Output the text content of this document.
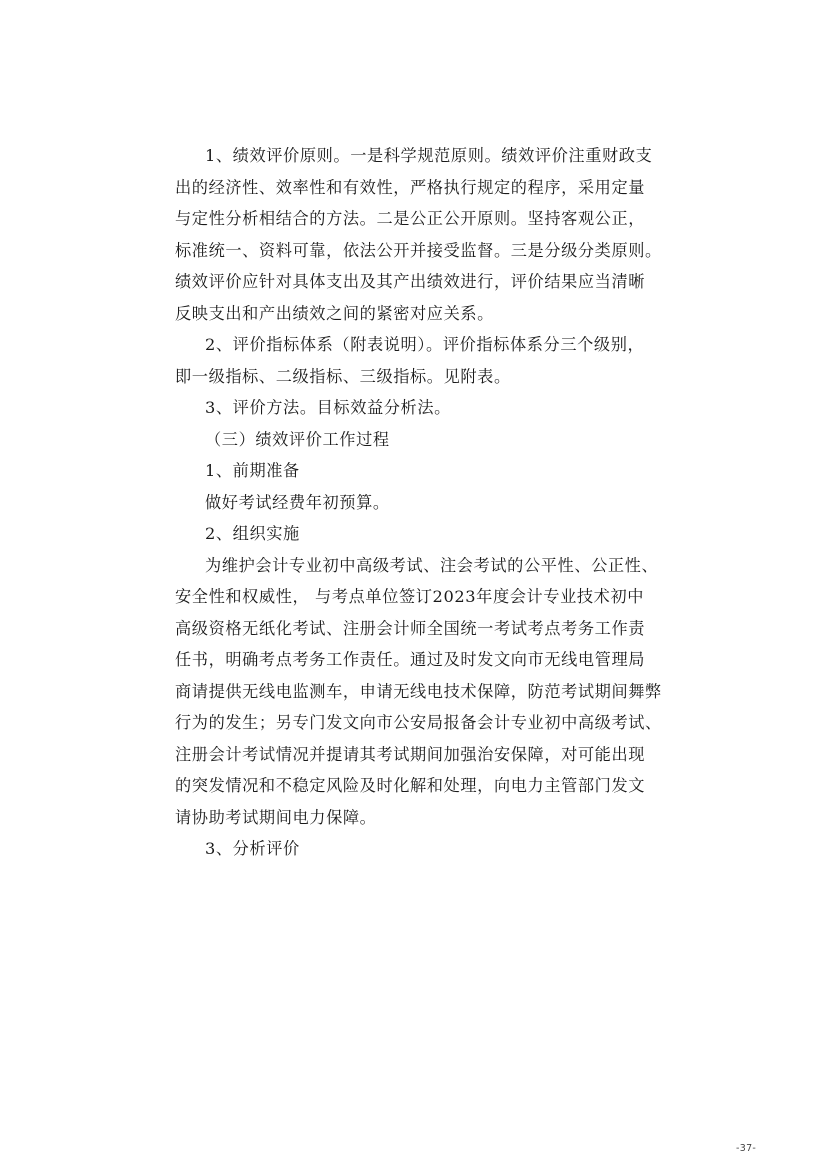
1、绩效评价原则。一是科学规范原则。绩效评价注重财政支
出的经济性、效率性和有效性，严格执行规定的程序，采用定量
与定性分析相结合的方法。二是公正公开原则。坚持客观公正，
标准统一、资料可靠，依法公开并接受监督。三是分级分类原则。
绩效评价应针对具体支出及其产出绩效进行，评价结果应当清晰
反映支出和产出绩效之间的紧密对应关系。
2、评价指标体系（附表说明）。评价指标体系分三个级别，
即一级指标、二级指标、三级指标。见附表。
3、评价方法。目标效益分析法。
（三）绩效评价工作过程
1、前期准备
做好考试经费年初预算。
2、组织实施
为维护会计专业初中高级考试、注会考试的公平性、公正性、
安全性和权威性， 与考点单位签订2023年度会计专业技术初中
高级资格无纸化考试、注册会计师全国统一考试考点考务工作责
任书，明确考点考务工作责任。通过及时发文向市无线电管理局
商请提供无线电监测车，申请无线电技术保障，防范考试期间舞弊
行为的发生；另专门发文向市公安局报备会计专业初中高级考试、
注册会计考试情况并提请其考试期间加强治安保障，对可能出现
的突发情况和不稳定风险及时化解和处理，向电力主管部门发文
请协助考试期间电力保障。
3、分析评价
-37-
